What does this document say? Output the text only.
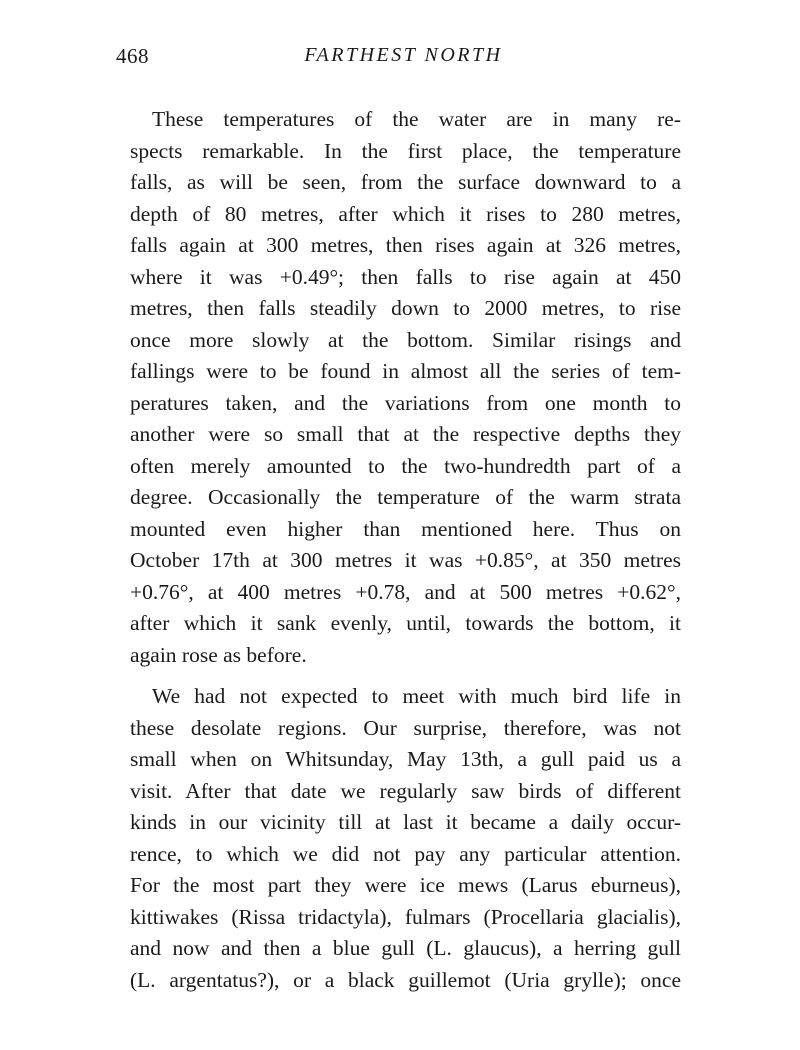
468	FARTHEST NORTH
These temperatures of the water are in many re-
spects remarkable. In the first place, the temperature
falls, as will be seen, from the surface downward to a
depth of 80 metres, after which it rises to 280 metres,
falls again at 300 metres, then rises again at 326 metres,
where it was +0.49°; then falls to rise again at 450
metres, then falls steadily down to 2000 metres, to rise
once more slowly at the bottom. Similar risings and
fallings were to be found in almost all the series of tem-
peratures taken, and the variations from one month to
another were so small that at the respective depths they
often merely amounted to the two-hundredth part of a
degree. Occasionally the temperature of the warm strata
mounted even higher than mentioned here. Thus on
October 17th at 300 metres it was +0.85°, at 350 metres
+0.76°, at 400 metres +0.78, and at 500 metres +0.62°,
after which it sank evenly, until, towards the bottom, it
again rose as before.
We had not expected to meet with much bird life in
these desolate regions. Our surprise, therefore, was not
small when on Whitsunday, May 13th, a gull paid us a
visit. After that date we regularly saw birds of different
kinds in our vicinity till at last it became a daily occur-
rence, to which we did not pay any particular attention.
For the most part they were ice mews (Larus eburneus),
kittiwakes (Rissa tridactyla), fulmars (Procellaria glacialis),
and now and then a blue gull (L. glaucus), a herring gull
(L. argentatus?), or a black guillemot (Uria grylle); once
